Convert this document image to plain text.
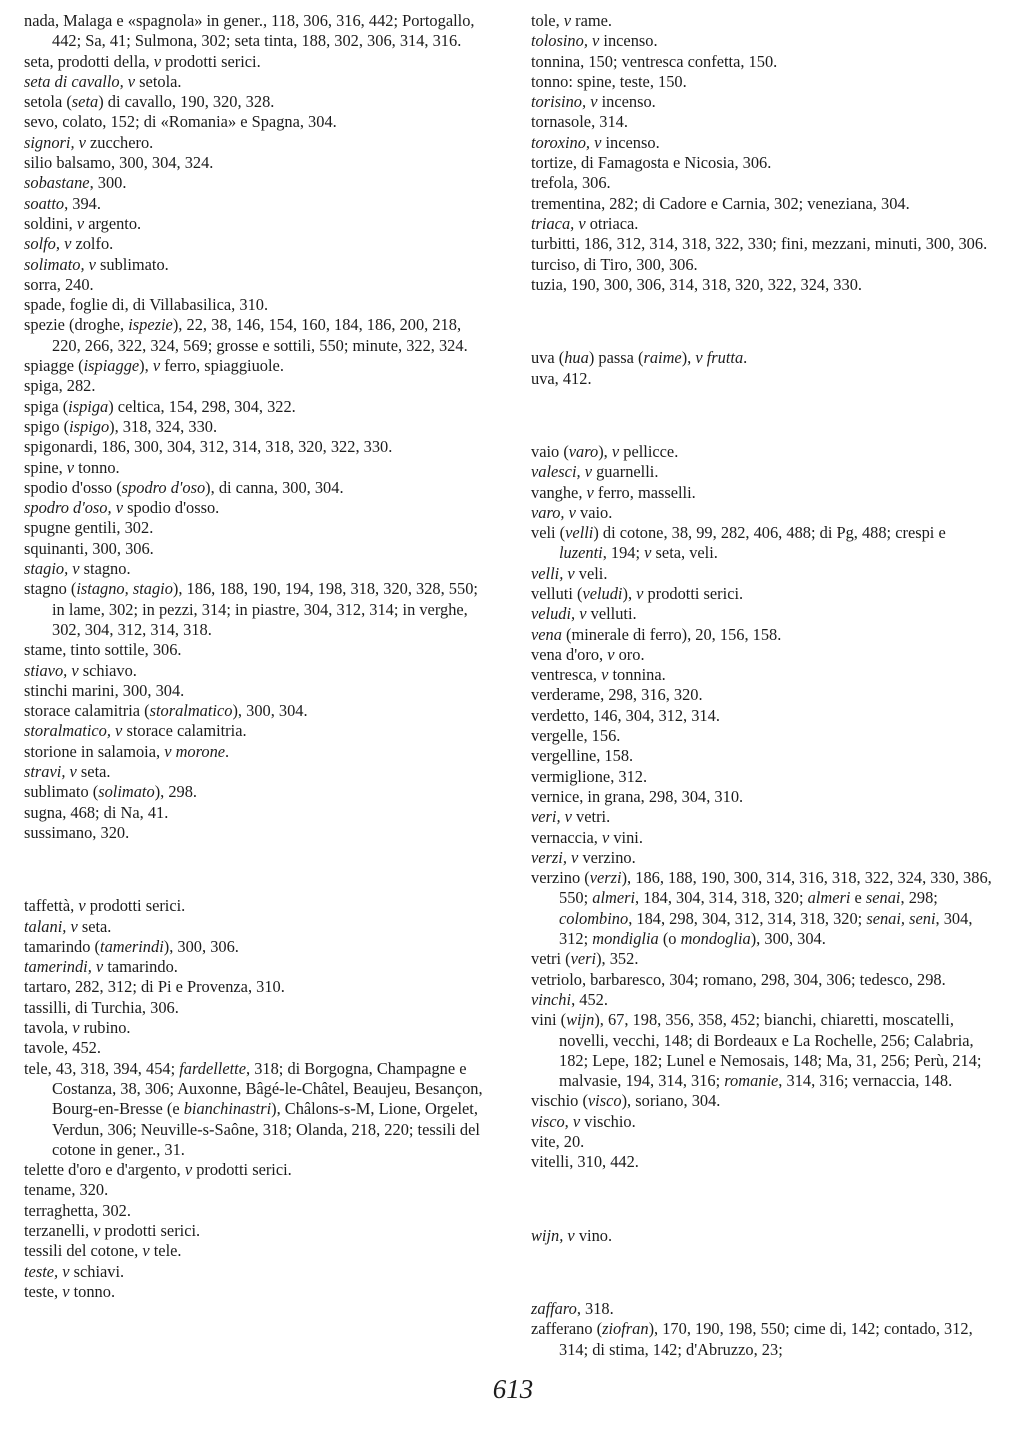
nada, Malaga e «spagnola» in gener., 118, 306, 316, 442; Portogallo, 442; Sa, 41; Sulmona, 302; seta tinta, 188, 302, 306, 314, 316.

seta, prodotti della, v prodotti serici.

seta di cavallo, v setola.

setola (seta) di cavallo, 190, 320, 328.

sevo, colato, 152; di «Romania» e Spagna, 304.

signori, v zucchero.

silio balsamo, 300, 304, 324.

sobastane, 300.

soatto, 394.

soldini, v argento.

solfo, v zolfo.

solimato, v sublimato.

sorra, 240.

spade, foglie di, di Villabasilica, 310.

spezie (droghe, ispezie), 22, 38, 146, 154, 160, 184, 186, 200, 218, 220, 266, 322, 324, 569; grosse e sottili, 550; minute, 322, 324.

spiagge (ispiagge), v ferro, spiaggiuole.

spiga, 282.

spiga (ispiga) celtica, 154, 298, 304, 322.

spigo (ispigo), 318, 324, 330.

spigonardi, 186, 300, 304, 312, 314, 318, 320, 322, 330.

spine, v tonno.

spodio d'osso (spodro d'oso), di canna, 300, 304.

spodro d'oso, v spodio d'osso.

spugne gentili, 302.

squinanti, 300, 306.

stagio, v stagno.

stagno (istagno, stagio), 186, 188, 190, 194, 198, 318, 320, 328, 550; in lame, 302; in pezzi, 314; in piastre, 304, 312, 314; in verghe, 302, 304, 312, 314, 318.

stame, tinto sottile, 306.

stiavo, v schiavo.

stinchi marini, 300, 304.

storace calamitria (storalmatico), 300, 304.

storalmatico, v storace calamitria.

storione in salamoia, v morone.

stravi, v seta.

sublimato (solimato), 298.

sugna, 468; di Na, 41.

sussimano, 320.

taffettà, v prodotti serici.

talani, v seta.

tamarindo (tamerindi), 300, 306.

tamerindi, v tamarindo.

tartaro, 282, 312; di Pi e Provenza, 310.

tassilli, di Turchia, 306.

tavola, v rubino.

tavole, 452.

tele, 43, 318, 394, 454; fardellette, 318; di Borgogna, Champagne e Costanza, 38, 306; Auxonne, Bâgé-le-Châtel, Beaujeu, Besançon, Bourg-en-Bresse (e bianchinastri), Châlons-s-M, Lione, Orgelet, Verdun, 306; Neuville-s-Saône, 318; Olanda, 218, 220; tessili del cotone in gener., 31.

telette d'oro e d'argento, v prodotti serici.

tename, 320.

terraghetta, 302.

terzanelli, v prodotti serici.

tessili del cotone, v tele.

teste, v schiavi.

teste, v tonno.

tole, v rame.

tolosino, v incenso.

tonnina, 150; ventresca confetta, 150.

tonno: spine, teste, 150.

torisino, v incenso.

tornasole, 314.

toroxino, v incenso.

tortize, di Famagosta e Nicosia, 306.

trefola, 306.

trementina, 282; di Cadore e Carnia, 302; veneziana, 304.

triaca, v otriaca.

turbitti, 186, 312, 314, 318, 322, 330; fini, mezzani, minuti, 300, 306.

turciso, di Tiro, 300, 306.

tuzia, 190, 300, 306, 314, 318, 320, 322, 324, 330.

uva (hua) passa (raime), v frutta.

uva, 412.

vaio (varo), v pellicce.

valesci, v guarnelli.

vanghe, v ferro, masselli.

varo, v vaio.

veli (velli) di cotone, 38, 99, 282, 406, 488; di Pg, 488; crespi e luzenti, 194; v seta, veli.

velli, v veli.

velluti (veludi), v prodotti serici.

veludi, v velluti.

vena (minerale di ferro), 20, 156, 158.

vena d'oro, v oro.

ventresca, v tonnina.

verderame, 298, 316, 320.

verdetto, 146, 304, 312, 314.

vergelle, 156.

vergelline, 158.

vermiglione, 312.

vernice, in grana, 298, 304, 310.

veri, v vetri.

vernaccia, v vini.

verzi, v verzino.

verzino (verzi), 186, 188, 190, 300, 314, 316, 318, 322, 324, 330, 386, 550; almeri, 184, 304, 314, 318, 320; almeri e senai, 298; colombino, 184, 298, 304, 312, 314, 318, 320; senai, seni, 304, 312; mondiglia (o mondoglia), 300, 304.

vetri (veri), 352.

vetriolo, barbaresco, 304; romano, 298, 304, 306; tedesco, 298.

vinchi, 452.

vini (wijn), 67, 198, 356, 358, 452; bianchi, chiaretti, moscatelli, novelli, vecchi, 148; di Bordeaux e La Rochelle, 256; Calabria, 182; Lepe, 182; Lunel e Nemosais, 148; Ma, 31, 256; Perù, 214; malvasie, 194, 314, 316; romanie, 314, 316; vernaccia, 148.

vischio (visco), soriano, 304.

visco, v vischio.

vite, 20.

vitelli, 310, 442.

wijn, v vino.

zaffaro, 318.

zafferano (ziofran), 170, 190, 198, 550; cime di, 142; contado, 312, 314; di stima, 142; d'Abruzzo, 23;

613
